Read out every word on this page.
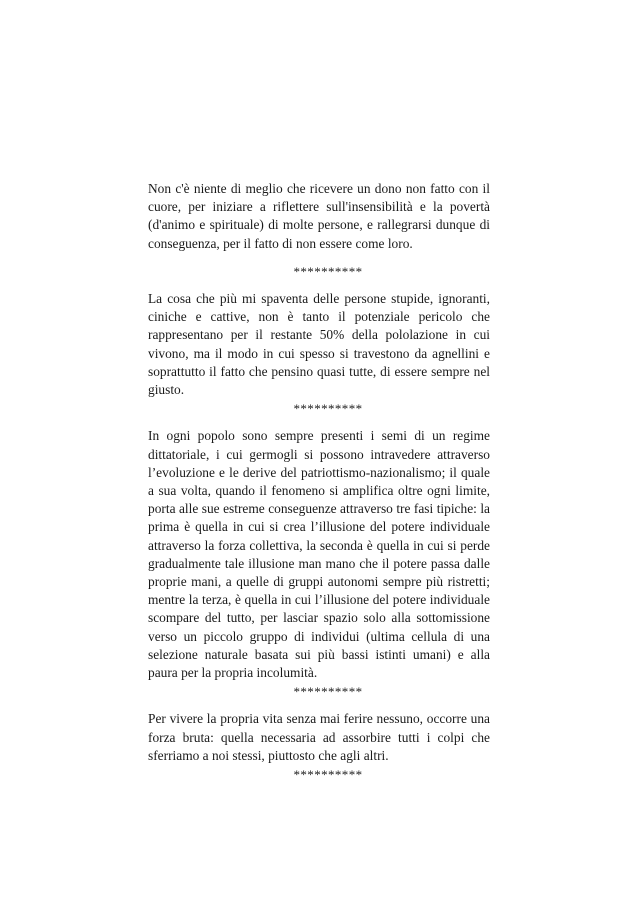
Non c'è niente di meglio che ricevere un dono non fatto con il cuore, per iniziare a riflettere sull'insensibilità e la povertà (d'animo e spirituale) di molte persone, e rallegrarsi dunque di conseguenza, per il fatto di non essere come loro.

**********

La cosa che più mi spaventa delle persone stupide, ignoranti, ciniche e cattive, non è tanto il potenziale pericolo che rappresentano per il restante 50% della pololazione in cui vivono, ma il modo in cui spesso si travestono da agnellini e soprattutto il fatto che pensino quasi tutte, di essere sempre nel giusto.

**********

In ogni popolo sono sempre presenti i semi di un regime dittatoriale, i cui germogli si possono intravedere attraverso l’evoluzione e le derive del patriottismo-nazionalismo; il quale a sua volta, quando il fenomeno si amplifica oltre ogni limite, porta alle sue estreme conseguenze attraverso tre fasi tipiche: la prima è quella in cui si crea l’illusione del potere individuale attraverso la forza collettiva, la seconda è quella in cui si perde gradualmente tale illusione man mano che il potere passa dalle proprie mani, a quelle di gruppi autonomi sempre più ristretti; mentre la terza, è quella in cui l’illusione del potere individuale scompare del tutto, per lasciar spazio solo alla sottomissione verso un piccolo gruppo di individui (ultima cellula di una selezione naturale basata sui più bassi istinti umani) e alla paura per la propria incolumità.

**********

Per vivere la propria vita senza mai ferire nessuno, occorre una forza bruta: quella necessaria ad assorbire tutti i colpi che sferriamo a noi stessi, piuttosto che agli altri.

**********
